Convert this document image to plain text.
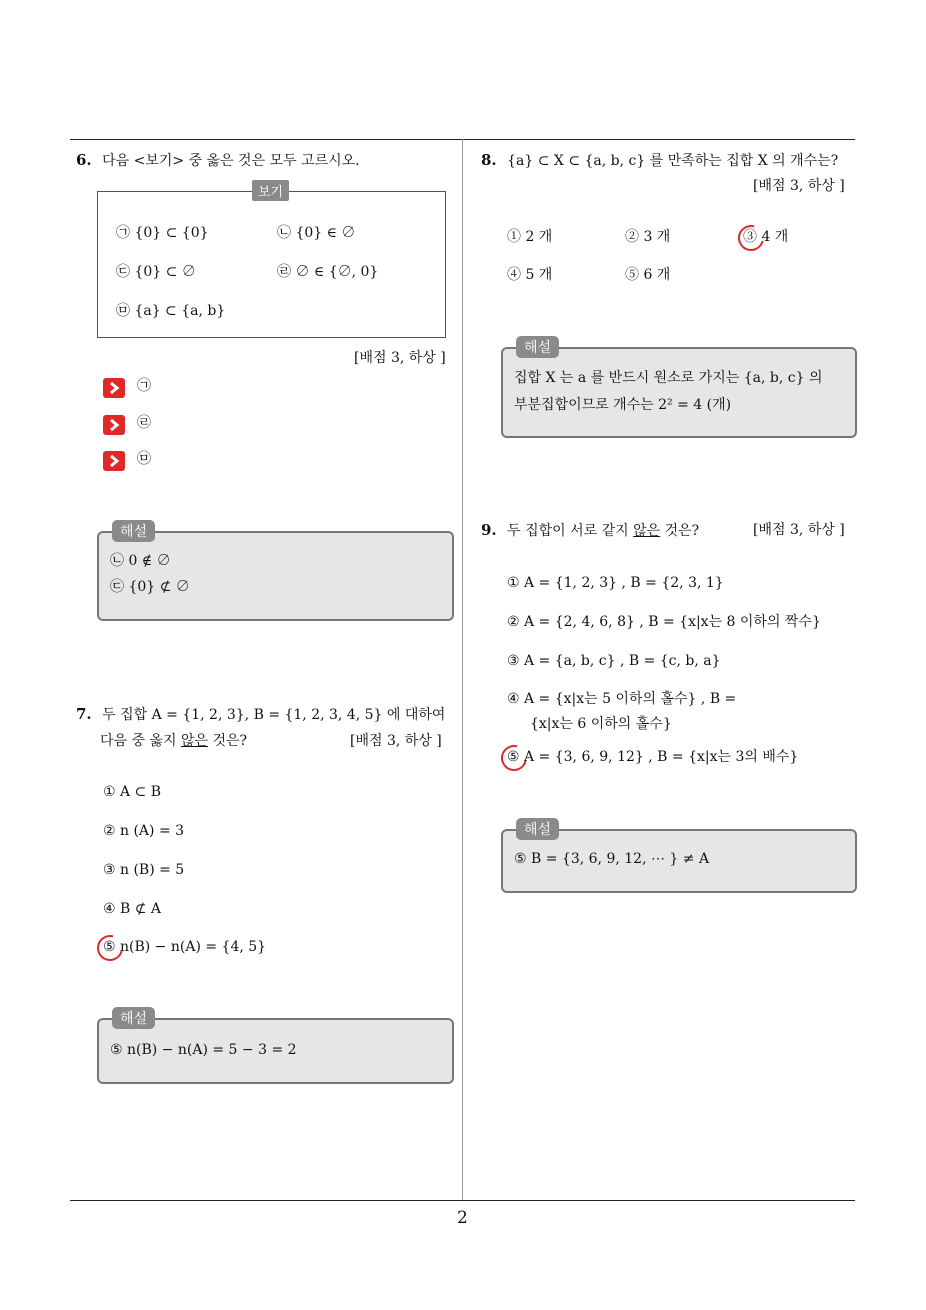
2
6. 다음 <보기> 중 옳은 것은 모두 고르시오.
보기
㉠ {0} ⊂ {0}	㉡ {0} ∈ ∅
㉢ {0} ⊂ ∅	㉣ ∅ ∈ {∅, 0}
㉤ {a} ⊂ {a, b}
[배점 3, 하상 ]
㉠
㉣
㉤
해설
㉡ 0 ∉ ∅
㉢ {0} ⊄ ∅
7. 두 집합 A = {1, 2, 3}, B = {1, 2, 3, 4, 5} 에 대하여
다음 중 옳지 않은 것은?	[배점 3, 하상 ]
① A ⊂ B
② n (A) = 3
③ n (B) = 5
④ B ⊄ A
⑤ n(B) − n(A) = {4, 5}
해설
⑤ n(B) − n(A) = 5 − 3 = 2
8. {a} ⊂ X ⊂ {a, b, c} 를 만족하는 집합 X 의 개수는?
[배점 3, 하상 ]
① 2 개	② 3 개	③ 4 개
④ 5 개	⑤ 6 개
해설
집합 X 는 a 를 반드시 원소로 가지는 {a, b, c} 의
부분집합이므로 개수는 2² = 4 (개)
9. 두 집합이 서로 같지 않은 것은?	[배점 3, 하상 ]
① A = {1, 2, 3} , B = {2, 3, 1}
② A = {2, 4, 6, 8} , B = {x|x는 8 이하의 짝수}
③ A = {a, b, c} , B = {c, b, a}
④ A = {x|x는 5 이하의 홀수} , B =
{x|x는 6 이하의 홀수}
⑤ A = {3, 6, 9, 12} , B = {x|x는 3의 배수}
해설
⑤ B = {3, 6, 9, 12, ⋯ } ≠ A
